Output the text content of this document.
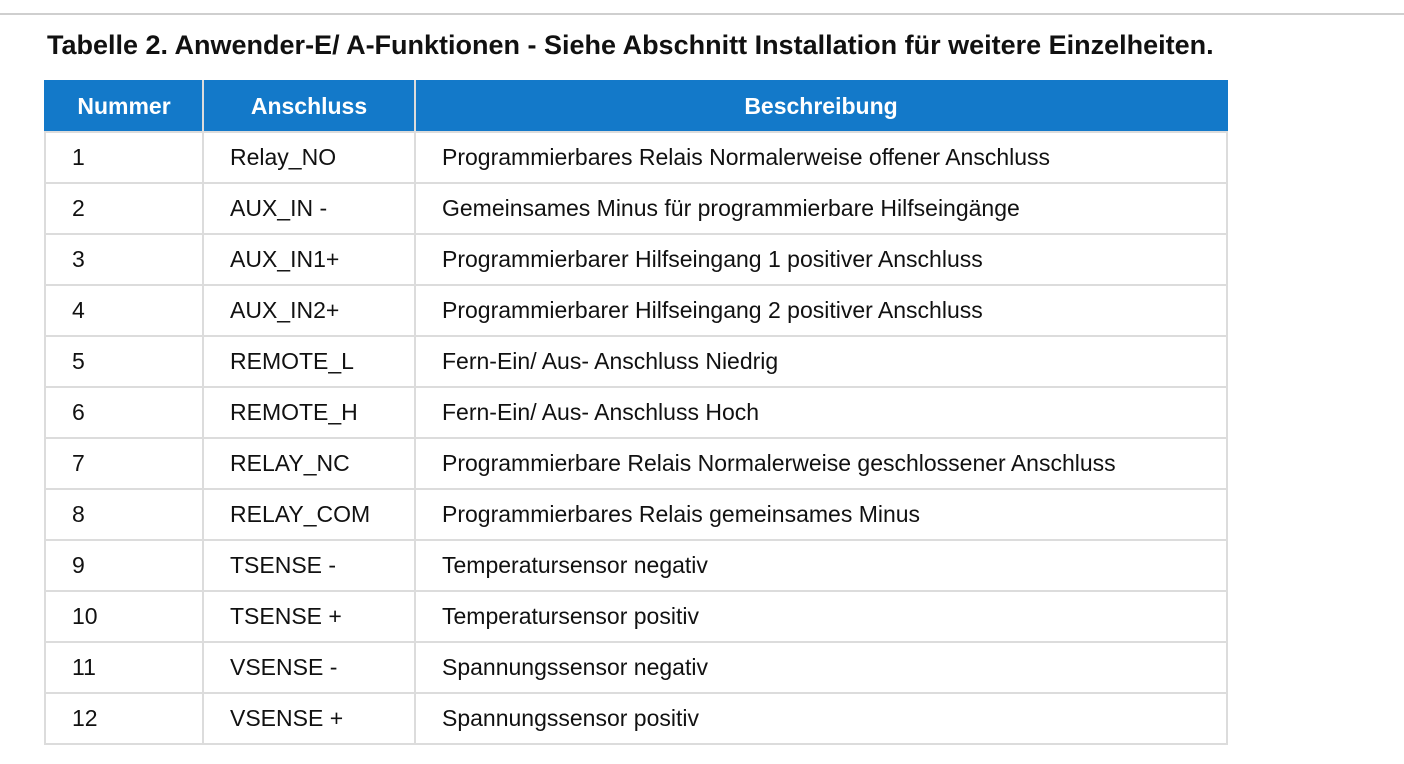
Tabelle 2. Anwender-E/ A-Funktionen - Siehe Abschnitt Installation für weitere Einzelheiten.
Nummer	Anschluss	Beschreibung
1	Relay_NO	Programmierbares Relais Normalerweise offener Anschluss
2	AUX_IN -	Gemeinsames Minus für programmierbare Hilfseingänge
3	AUX_IN1+	Programmierbarer Hilfseingang 1 positiver Anschluss
4	AUX_IN2+	Programmierbarer Hilfseingang 2 positiver Anschluss
5	REMOTE_L	Fern-Ein/ Aus- Anschluss Niedrig
6	REMOTE_H	Fern-Ein/ Aus- Anschluss Hoch
7	RELAY_NC	Programmierbare Relais Normalerweise geschlossener Anschluss
8	RELAY_COM	Programmierbares Relais gemeinsames Minus
9	TSENSE -	Temperatursensor negativ
10	TSENSE +	Temperatursensor positiv
11	VSENSE -	Spannungssensor negativ
12	VSENSE +	Spannungssensor positiv
